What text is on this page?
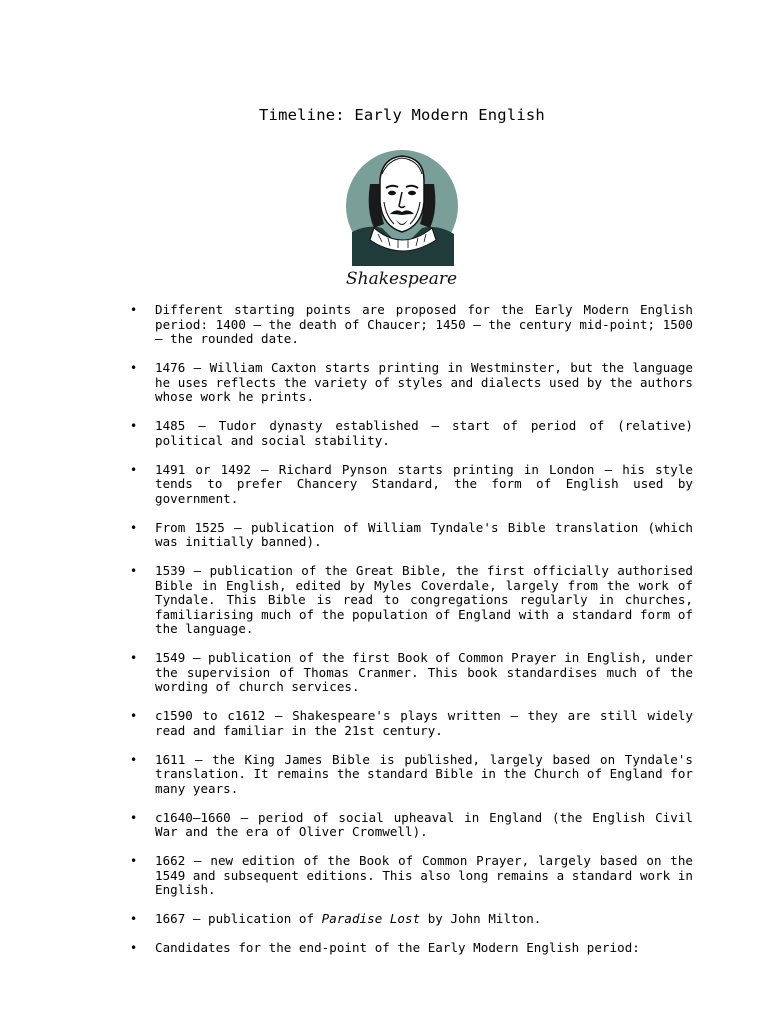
Timeline: Early Modern English
Shakespeare
• Different starting points are proposed for the Early Modern English period: 1400 – the death of Chaucer; 1450 – the century mid-point; 1500 – the rounded date.
• 1476 – William Caxton starts printing in Westminster, but the language he uses reflects the variety of styles and dialects used by the authors whose work he prints.
• 1485 – Tudor dynasty established – start of period of (relative) political and social stability.
• 1491 or 1492 – Richard Pynson starts printing in London – his style tends to prefer Chancery Standard, the form of English used by government.
• From 1525 – publication of William Tyndale's Bible translation (which was initially banned).
• 1539 – publication of the Great Bible, the first officially authorised Bible in English, edited by Myles Coverdale, largely from the work of Tyndale. This Bible is read to congregations regularly in churches, familiarising much of the population of England with a standard form of the language.
• 1549 – publication of the first Book of Common Prayer in English, under the supervision of Thomas Cranmer. This book standardises much of the wording of church services.
• c1590 to c1612 – Shakespeare's plays written – they are still widely read and familiar in the 21st century.
• 1611 – the King James Bible is published, largely based on Tyndale's translation. It remains the standard Bible in the Church of England for many years.
• c1640–1660 – period of social upheaval in England (the English Civil War and the era of Oliver Cromwell).
• 1662 – new edition of the Book of Common Prayer, largely based on the 1549 and subsequent editions. This also long remains a standard work in English.
• 1667 – publication of Paradise Lost by John Milton.
• Candidates for the end-point of the Early Modern English period:
